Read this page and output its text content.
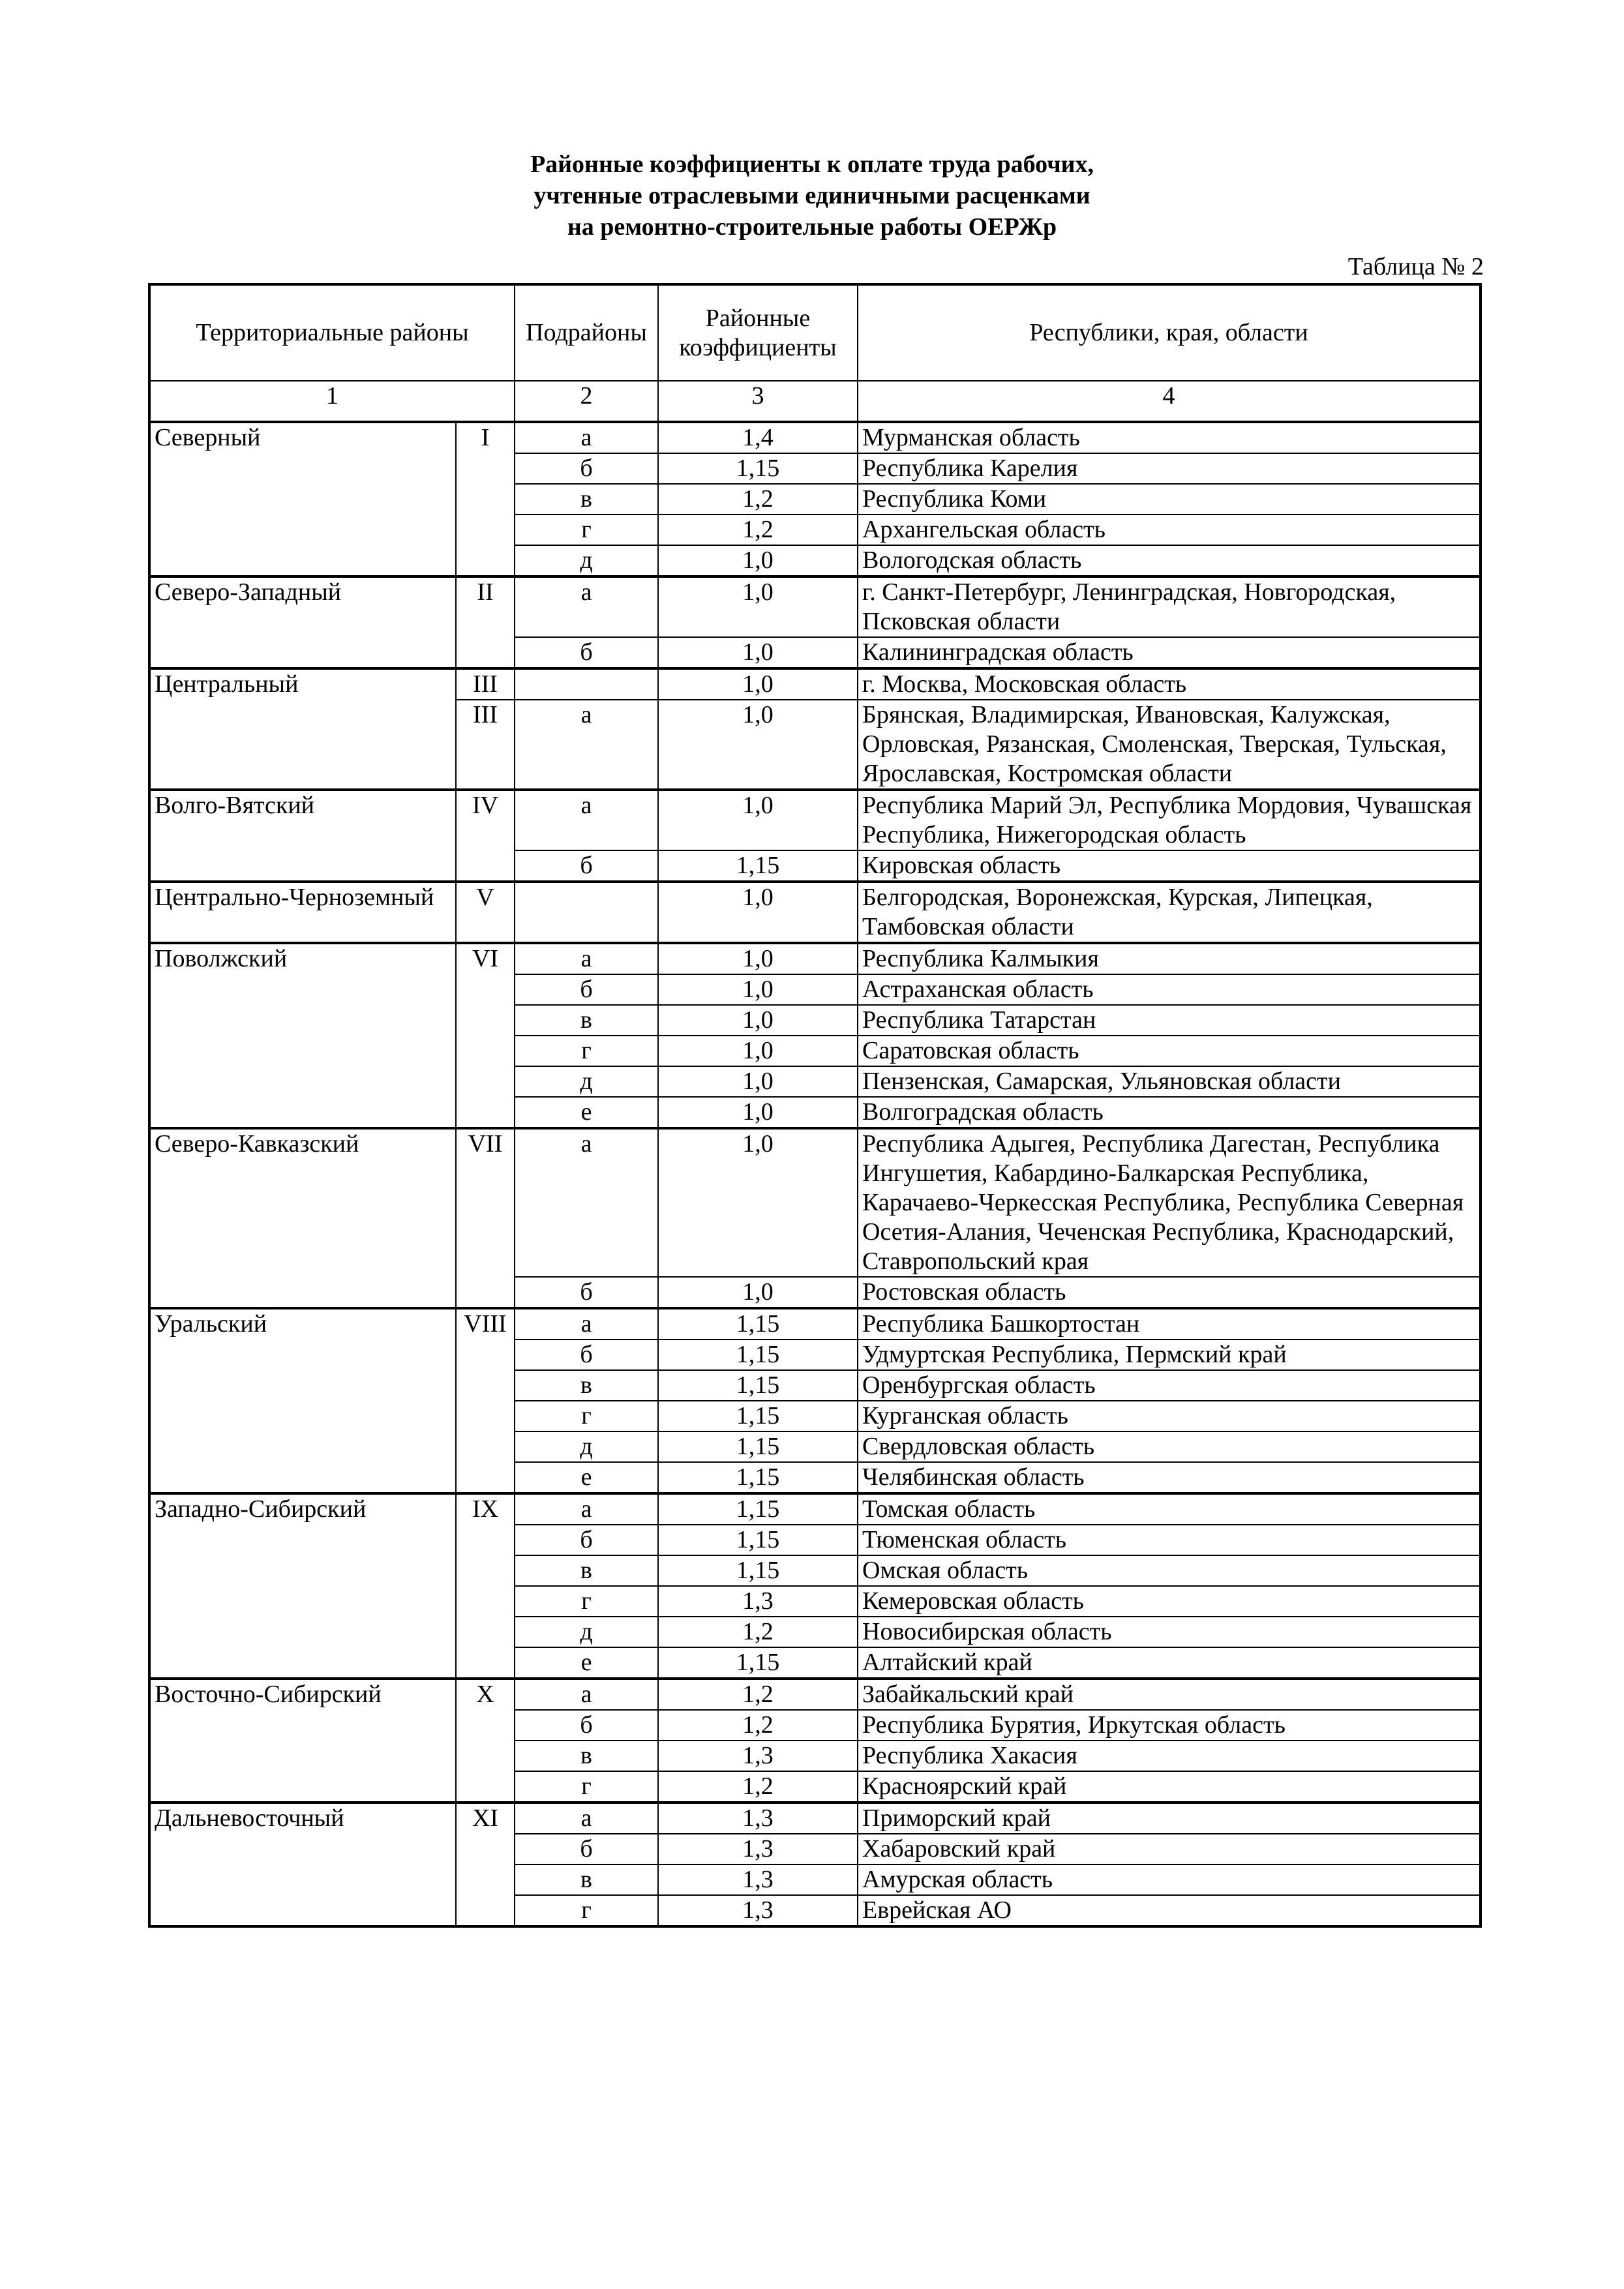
Районные коэффициенты к оплате труда рабочих,
учтенные отраслевыми единичными расценками
на ремонтно-строительные работы ОЕРЖр
Таблица № 2
Территориальные районы		Подрайоны	Районные коэффициенты	Республики, края, области
1		2	3	4
Северный	I	а	1,4	Мурманская область
		б	1,15	Республика Карелия
		в	1,2	Республика Коми
		г	1,2	Архангельская область
		д	1,0	Вологодская область
Северо-Западный	II	а	1,0	г. Санкт-Петербург, Ленинградская, Новгородская, Псковская области
		б	1,0	Калининградская область
Центральный	III		1,0	г. Москва, Московская область
	III	а	1,0	Брянская, Владимирская, Ивановская, Калужская, Орловская, Рязанская, Смоленская, Тверская, Тульская, Ярославская, Костромская области
Волго-Вятский	IV	а	1,0	Республика Марий Эл, Республика Мордовия, Чувашская Республика, Нижегородская область
		б	1,15	Кировская область
Центрально-Черноземный	V		1,0	Белгородская, Воронежская, Курская, Липецкая, Тамбовская области
Поволжский	VI	а	1,0	Республика Калмыкия
		б	1,0	Астраханская область
		в	1,0	Республика Татарстан
		г	1,0	Саратовская область
		д	1,0	Пензенская, Самарская, Ульяновская области
		е	1,0	Волгоградская область
Северо-Кавказский	VII	а	1,0	Республика Адыгея, Республика Дагестан, Республика Ингушетия, Кабардино-Балкарская Республика, Карачаево-Черкесская Республика, Республика Северная Осетия-Алания, Чеченская Республика, Краснодарский, Ставропольский края
		б	1,0	Ростовская область
Уральский	VIII	а	1,15	Республика Башкортостан
		б	1,15	Удмуртская Республика, Пермский край
		в	1,15	Оренбургская область
		г	1,15	Курганская область
		д	1,15	Свердловская область
		е	1,15	Челябинская область
Западно-Сибирский	IX	а	1,15	Томская область
		б	1,15	Тюменская область
		в	1,15	Омская область
		г	1,3	Кемеровская область
		д	1,2	Новосибирская область
		е	1,15	Алтайский край
Восточно-Сибирский	X	а	1,2	Забайкальский край
		б	1,2	Республика Бурятия, Иркутская область
		в	1,3	Республика Хакасия
		г	1,2	Красноярский край
Дальневосточный	XI	а	1,3	Приморский край
		б	1,3	Хабаровский край
		в	1,3	Амурская область
		г	1,3	Еврейская АО
